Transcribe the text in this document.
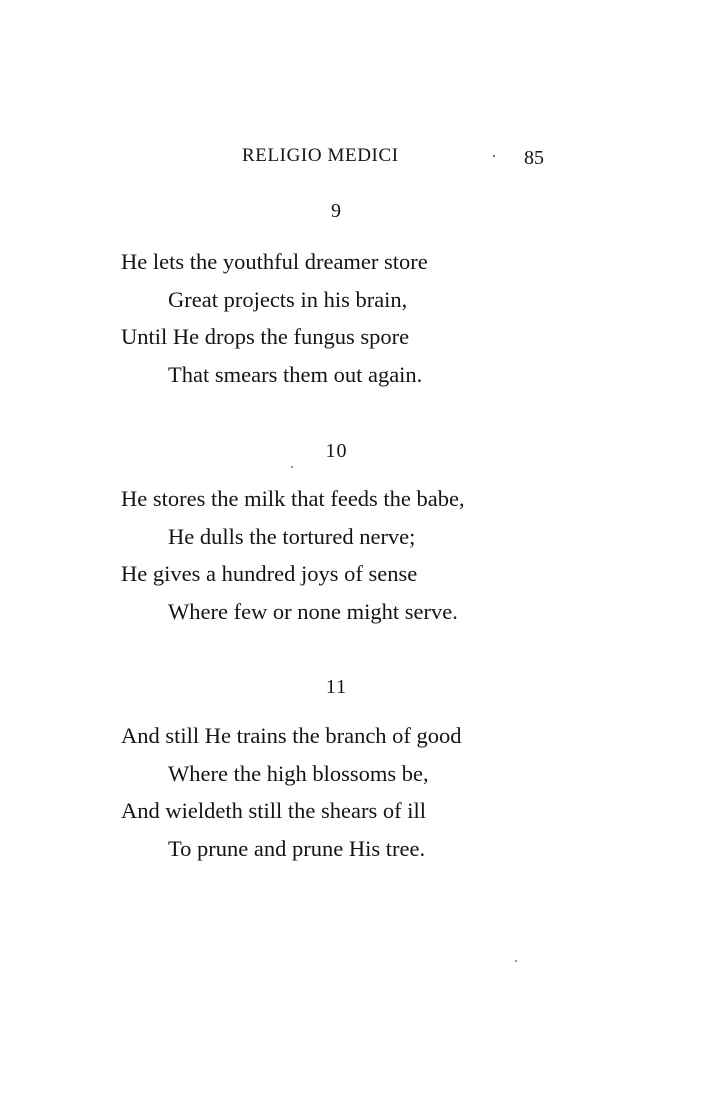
RELIGIO MEDICI	85
9
He lets the youthful dreamer store
Great projects in his brain,
Until He drops the fungus spore
That smears them out again.
10
He stores the milk that feeds the babe,
He dulls the tortured nerve;
He gives a hundred joys of sense
Where few or none might serve.
11
And still He trains the branch of good
Where the high blossoms be,
And wieldeth still the shears of ill
To prune and prune His tree.
